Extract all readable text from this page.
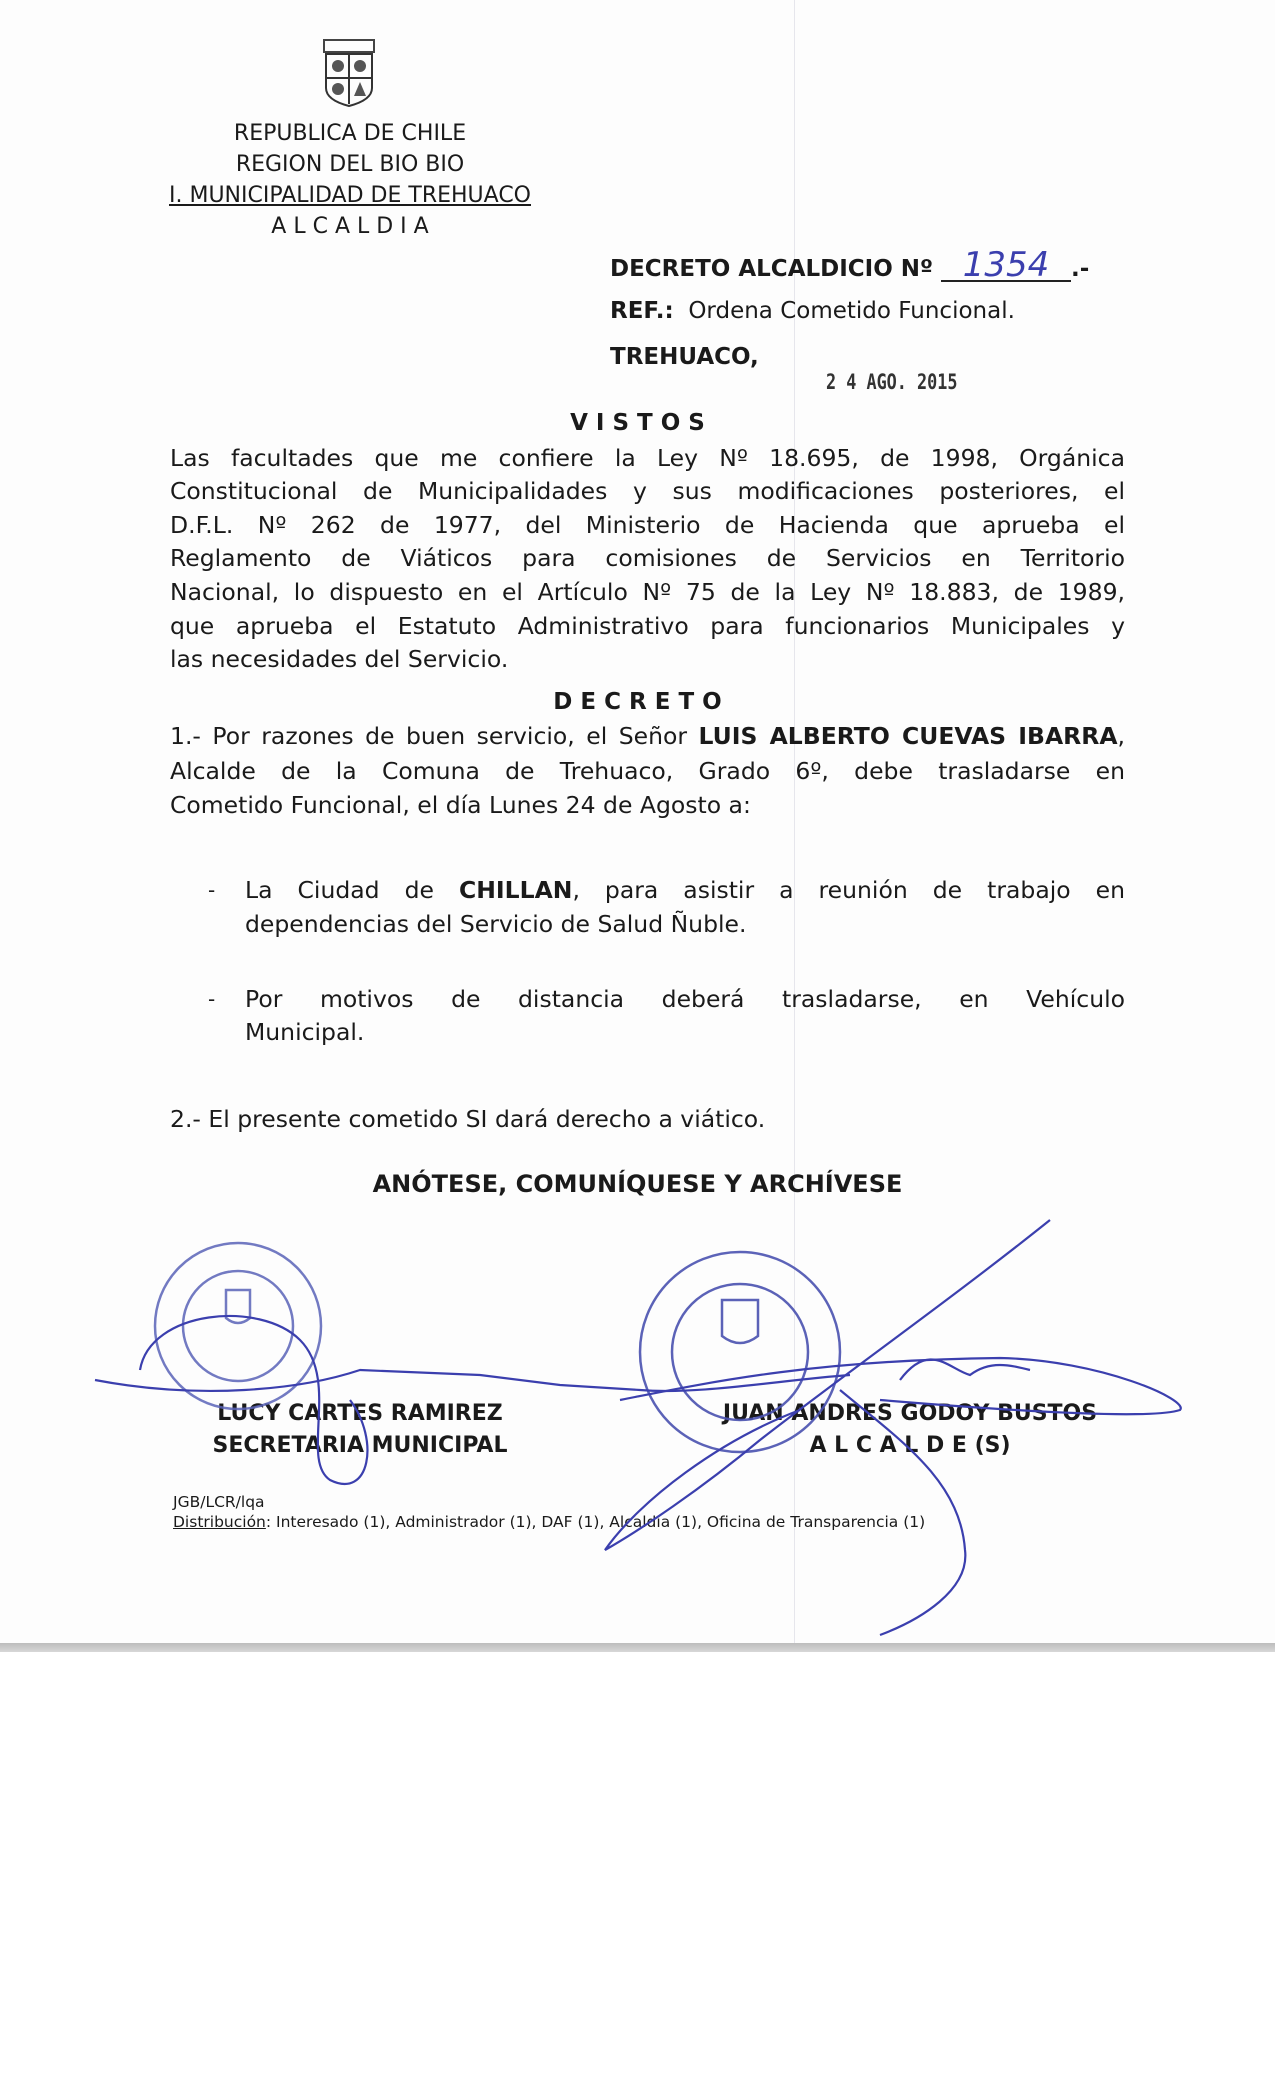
REPUBLICA DE CHILE
REGION DEL BIO BIO
I. MUNICIPALIDAD DE TREHUACO
A L C A L D I A
DECRETO ALCALDICIO Nº 1354 .-
REF.: Ordena Cometido Funcional.
TREHUACO,
2 4 AGO. 2015
V I S T O S
Las facultades que me confiere la Ley Nº 18.695, de 1998, Orgánica
Constitucional de Municipalidades y sus modificaciones posteriores, el
D.F.L. Nº 262 de 1977, del Ministerio de Hacienda que aprueba el
Reglamento de Viáticos para comisiones de Servicios en Territorio
Nacional, lo dispuesto en el Artículo Nº 75 de la Ley Nº 18.883, de 1989,
que aprueba el Estatuto Administrativo para funcionarios Municipales y
las necesidades del Servicio.
D E C R E T O
1.- Por razones de buen servicio, el Señor LUIS ALBERTO CUEVAS IBARRA,
Alcalde de la Comuna de Trehuaco, Grado 6º, debe trasladarse en
Cometido Funcional, el día Lunes 24 de Agosto a:
- La Ciudad de CHILLAN, para asistir a reunión de trabajo en
dependencias del Servicio de Salud Ñuble.
- Por motivos de distancia deberá trasladarse, en Vehículo
Municipal.
2.- El presente cometido SI dará derecho a viático.
ANÓTESE, COMUNÍQUESE Y ARCHÍVESE
LUCY CARTES RAMIREZ
SECRETARIA MUNICIPAL
JUAN ANDRES GODOY BUSTOS
A L C A L D E (S)
JGB/LCR/lqa
Distribución: Interesado (1), Administrador (1), DAF (1), Alcaldia (1), Oficina de Transparencia (1)
